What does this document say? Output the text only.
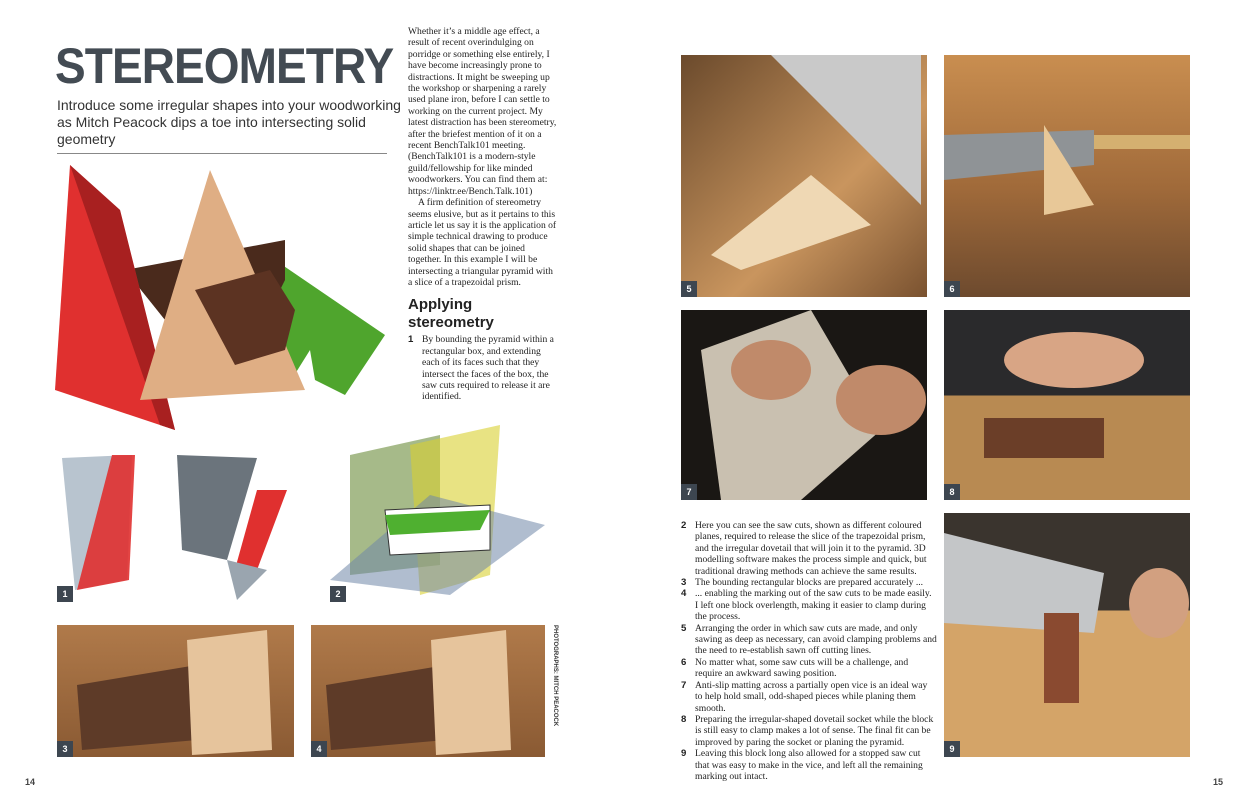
STEREOMETRY
Introduce some irregular shapes into your woodworking as Mitch Peacock dips a toe into intersecting solid geometry

Whether it’s a middle age effect, a result of recent overindulging on porridge or something else entirely, I have become increasingly prone to distractions. It might be sweeping up the workshop or sharpening a rarely used plane iron, before I can settle to working on the current project. My latest distraction has been stereometry, after the briefest mention of it on a recent BenchTalk101 meeting. (BenchTalk101 is a modern-style guild/fellowship for like minded woodworkers. You can find them at: https://linktr.ee/Bench.Talk.101)

A firm definition of stereometry seems elusive, but as it pertains to this article let us say it is the application of simple technical drawing to produce solid shapes that can be joined together. In this example I will be intersecting a triangular pyramid with a slice of a trapezoidal prism.

Applying stereometry
1 By bounding the pyramid within a rectangular box, and extending each of its faces such that they intersect the faces of the box, the saw cuts required to release it are identified.
1	2
3	4
PHOTOGRAPHS: MITCH PEACOCK
5	6
7	8
9
2 Here you can see the saw cuts, shown as different coloured planes, required to release the slice of the trapezoidal prism, and the irregular dovetail that will join it to the pyramid. 3D modelling software makes the process simple and quick, but traditional drawing methods can achieve the same results.
3 The bounding rectangular blocks are prepared accurately ...
4 ... enabling the marking out of the saw cuts to be made easily. I left one block overlength, making it easier to clamp during the process.
5 Arranging the order in which saw cuts are made, and only sawing as deep as necessary, can avoid clamping problems and the need to re-establish sawn off cutting lines.
6 No matter what, some saw cuts will be a challenge, and require an awkward sawing position.
7 Anti-slip matting across a partially open vice is an ideal way to help hold small, odd-shaped pieces while planing them smooth.
8 Preparing the irregular-shaped dovetail socket while the block is still easy to clamp makes a lot of sense. The final fit can be improved by paring the socket or planing the pyramid.
9 Leaving this block long also allowed for a stopped saw cut that was easy to make in the vice, and left all the remaining marking out intact.
14	15
